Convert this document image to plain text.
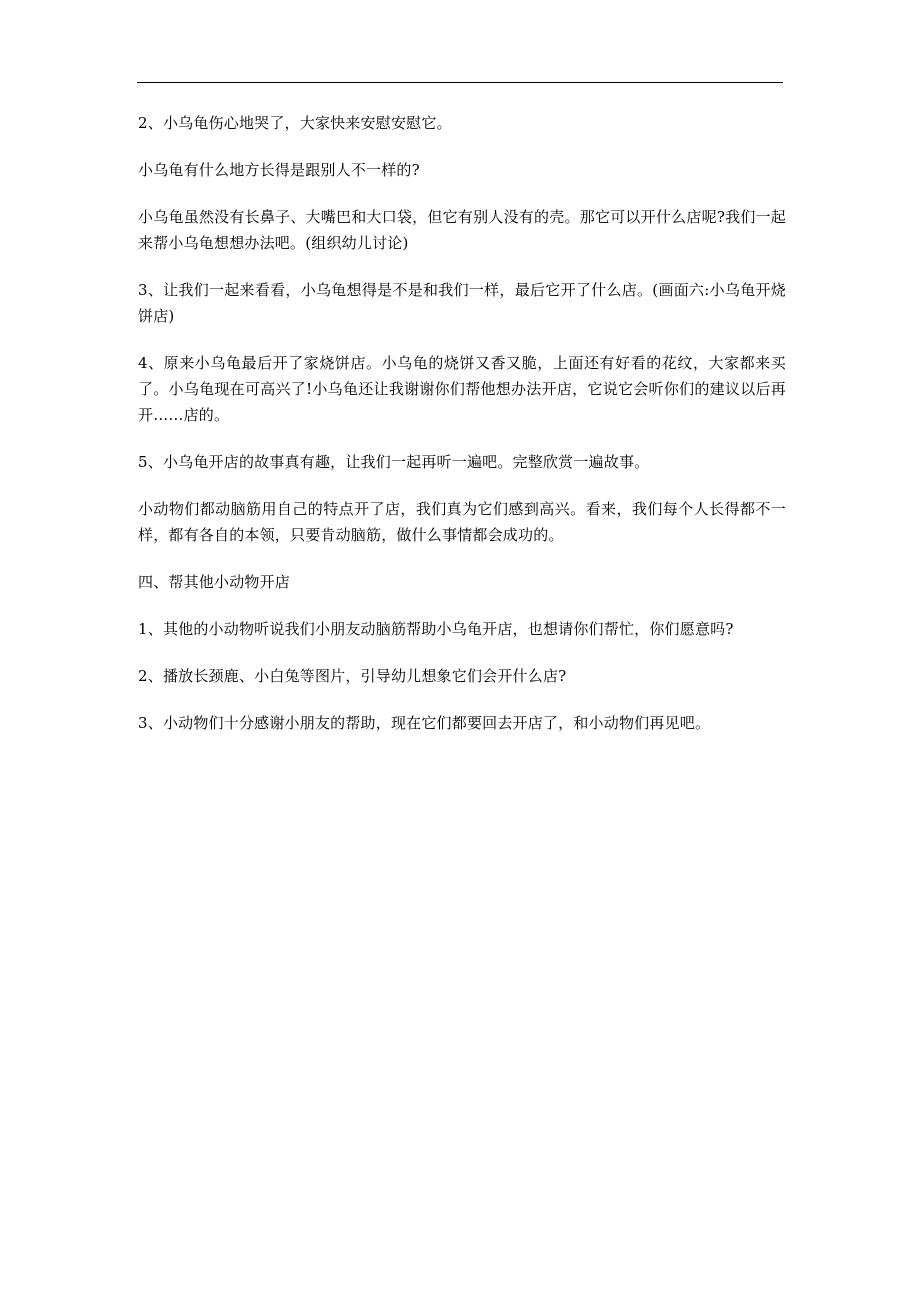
2、小乌龟伤心地哭了，大家快来安慰安慰它。

小乌龟有什么地方长得是跟别人不一样的?

小乌龟虽然没有长鼻子、大嘴巴和大口袋，但它有别人没有的壳。那它可以开什么店呢?我们一起来帮小乌龟想想办法吧。(组织幼儿讨论)

3、让我们一起来看看，小乌龟想得是不是和我们一样，最后它开了什么店。(画面六:小乌龟开烧饼店)

4、原来小乌龟最后开了家烧饼店。小乌龟的烧饼又香又脆，上面还有好看的花纹，大家都来买了。小乌龟现在可高兴了!小乌龟还让我谢谢你们帮他想办法开店，它说它会听你们的建议以后再开……店的。

5、小乌龟开店的故事真有趣，让我们一起再听一遍吧。完整欣赏一遍故事。

小动物们都动脑筋用自己的特点开了店，我们真为它们感到高兴。看来，我们每个人长得都不一样，都有各自的本领，只要肯动脑筋，做什么事情都会成功的。

四、帮其他小动物开店

1、其他的小动物听说我们小朋友动脑筋帮助小乌龟开店，也想请你们帮忙，你们愿意吗?

2、播放长颈鹿、小白兔等图片，引导幼儿想象它们会开什么店?

3、小动物们十分感谢小朋友的帮助，现在它们都要回去开店了，和小动物们再见吧。
